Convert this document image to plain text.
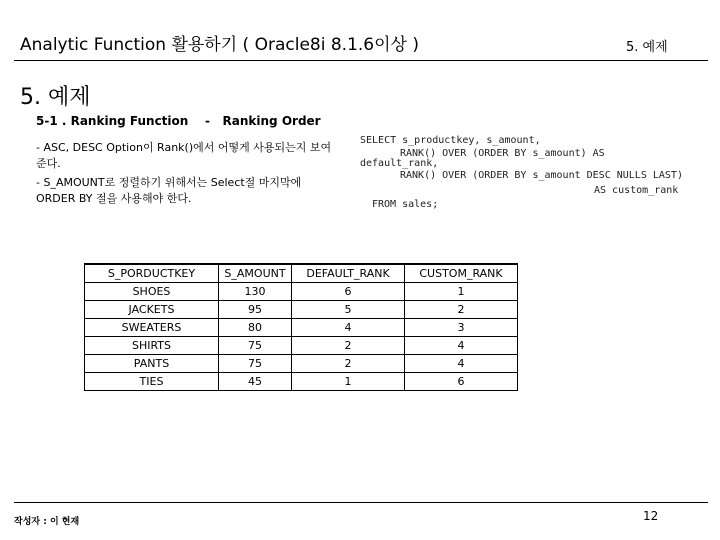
Analytic Function 활용하기 ( Oracle8i 8.1.6이상 )	5. 예제
5. 예제
5-1 . Ranking Function    -   Ranking Order
- ASC, DESC Option이 Rank()에서 어떻게 사용되는지 보여준다.
- S_AMOUNT로 정렬하기 위해서는 Select절 마지막에 ORDER BY 절을 사용해야 한다.
SELECT s_productkey, s_amount,
RANK() OVER (ORDER BY s_amount) AS
default_rank,
RANK() OVER (ORDER BY s_amount DESC NULLS LAST)
AS custom_rank
FROM sales;
S_PORDUCTKEY	S_AMOUNT	DEFAULT_RANK	CUSTOM_RANK
SHOES	130	6	1
JACKETS	95	5	2
SWEATERS	80	4	3
SHIRTS	75	2	4
PANTS	75	2	4
TIES	45	1	6
작성자 : 이 현재	12
